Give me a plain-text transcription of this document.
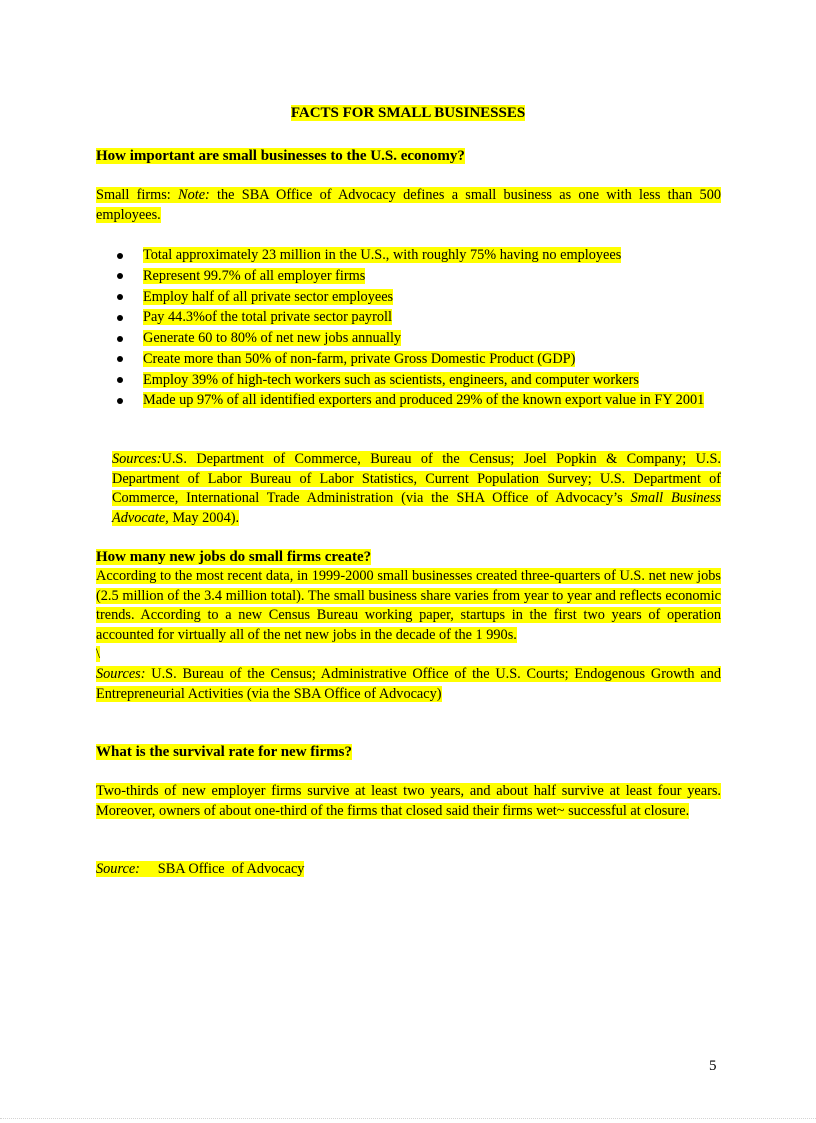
FACTS FOR SMALL BUSINESSES

How important are small businesses to the U.S. economy?

Small firms: Note: the SBA Office of Advocacy defines a small business as one with less than 500 employees.

Total approximately 23 million in the U.S., with roughly 75% having no employees
Represent 99.7% of all employer firms
Employ half of all private sector employees
Pay 44.3%of the total private sector payroll
Generate 60 to 80% of net new jobs annually
Create more than 50% of non-farm, private Gross Domestic Product (GDP)
Employ 39% of high-tech workers such as scientists, engineers, and computer workers
Made up 97% of all identified exporters and produced 29% of the known export value in FY 2001

Sources:U.S. Department of Commerce, Bureau of the Census; Joel Popkin & Company; U.S. Department of Labor Bureau of Labor Statistics, Current Population Survey; U.S. Department of Commerce, International Trade Administration (via the SHA Office of Advocacy’s Small Business Advocate, May 2004).

How many new jobs do small firms create?

According to the most recent data, in 1999-2000 small businesses created three-quarters of U.S. net new jobs (2.5 million of the 3.4 million total). The small business share varies from year to year and reflects economic trends. According to a new Census Bureau working paper, startups in the first two years of operation accounted for virtually all of the net new jobs in the decade of the 1 990s.
\
Sources: U.S. Bureau of the Census; Administrative Office of the U.S. Courts; Endogenous Growth and Entrepreneurial Activities (via the SBA Office of Advocacy)

What is the survival rate for new firms?

Two-thirds of new employer firms survive at least two years, and about half survive at least four years. Moreover, owners of about one-third of the firms that closed said their firms wet~ successful at closure.

Source:     SBA Office  of Advocacy

5
